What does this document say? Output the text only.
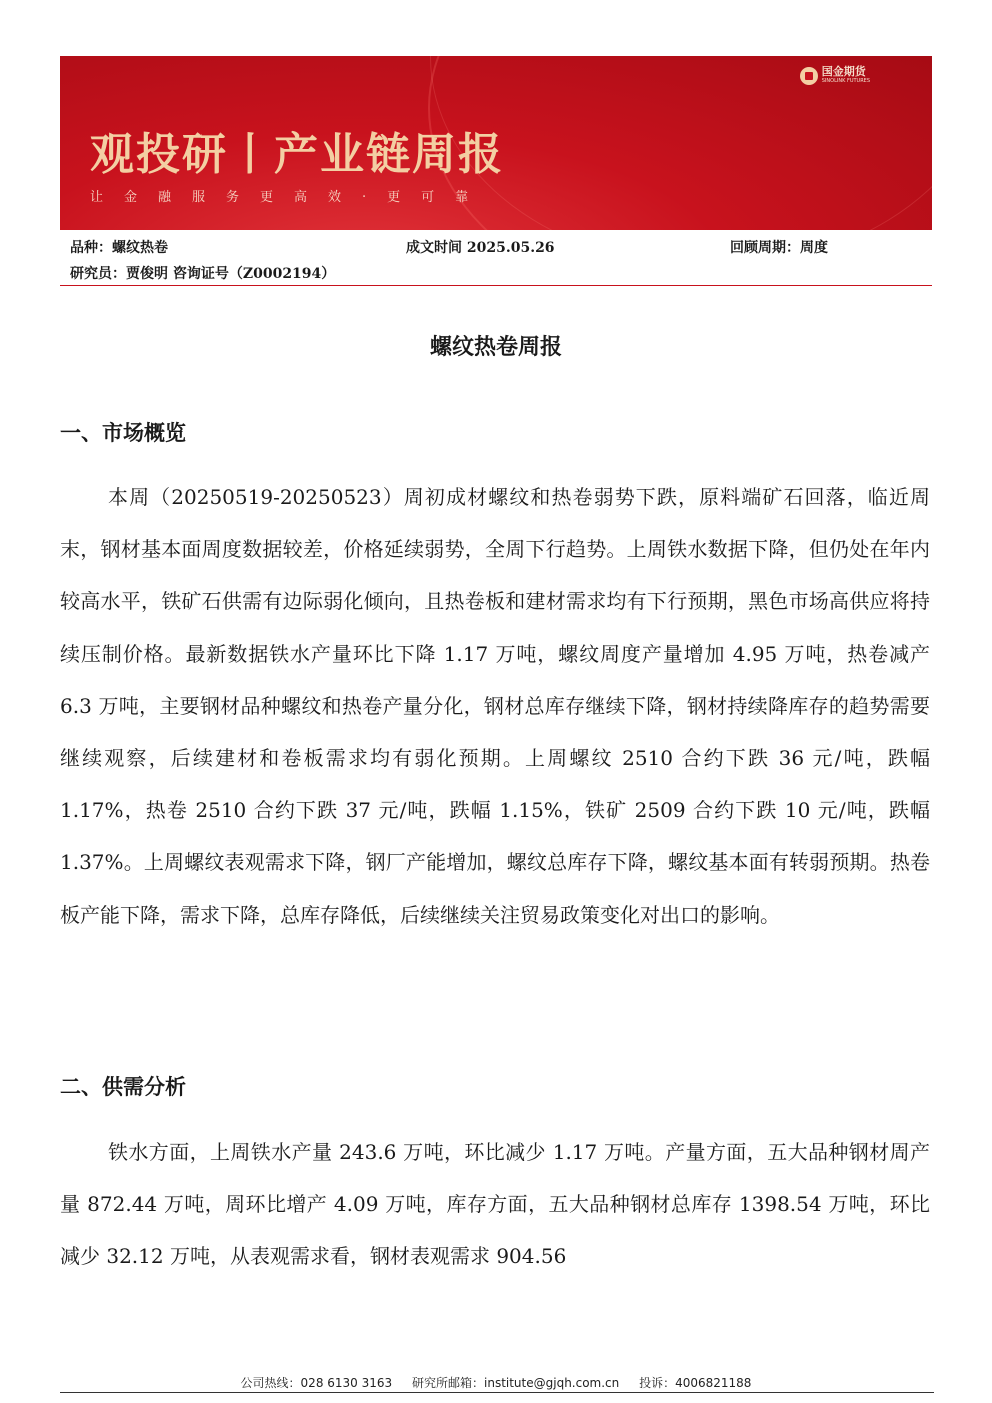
国金期货
SINOLINK FUTURES
观投研丨产业链周报
让金融服务更高效·更可靠
品种：螺纹热卷	成文时间 2025.05.26	回顾周期：周度
研究员：贾俊明 咨询证号（Z0002194）
螺纹热卷周报
一、市场概览

本周（20250519-20250523）周初成材螺纹和热卷弱势下跌，原料端矿石回落，临近周末，钢材基本面周度数据较差，价格延续弱势，全周下行趋势。上周铁水数据下降，但仍处在年内较高水平，铁矿石供需有边际弱化倾向，且热卷板和建材需求均有下行预期，黑色市场高供应将持续压制价格。最新数据铁水产量环比下降 1.17 万吨，螺纹周度产量增加 4.95 万吨，热卷减产 6.3 万吨，主要钢材品种螺纹和热卷产量分化，钢材总库存继续下降，钢材持续降库存的趋势需要继续观察，后续建材和卷板需求均有弱化预期。上周螺纹 2510 合约下跌 36 元/吨，跌幅 1.17%，热卷 2510 合约下跌 37 元/吨，跌幅 1.15%，铁矿 2509 合约下跌 10 元/吨，跌幅 1.37%。上周螺纹表观需求下降，钢厂产能增加，螺纹总库存下降，螺纹基本面有转弱预期。热卷板产能下降，需求下降，总库存降低，后续继续关注贸易政策变化对出口的影响。

二、供需分析

铁水方面，上周铁水产量 243.6 万吨，环比减少 1.17 万吨。产量方面，五大品种钢材周产量 872.44 万吨，周环比增产 4.09 万吨，库存方面，五大品种钢材总库存 1398.54 万吨，环比减少 32.12 万吨，从表观需求看，钢材表观需求 904.56

公司热线：028 6130 3163 研究所邮箱：institute@gjqh.com.cn 投诉：4006821188
